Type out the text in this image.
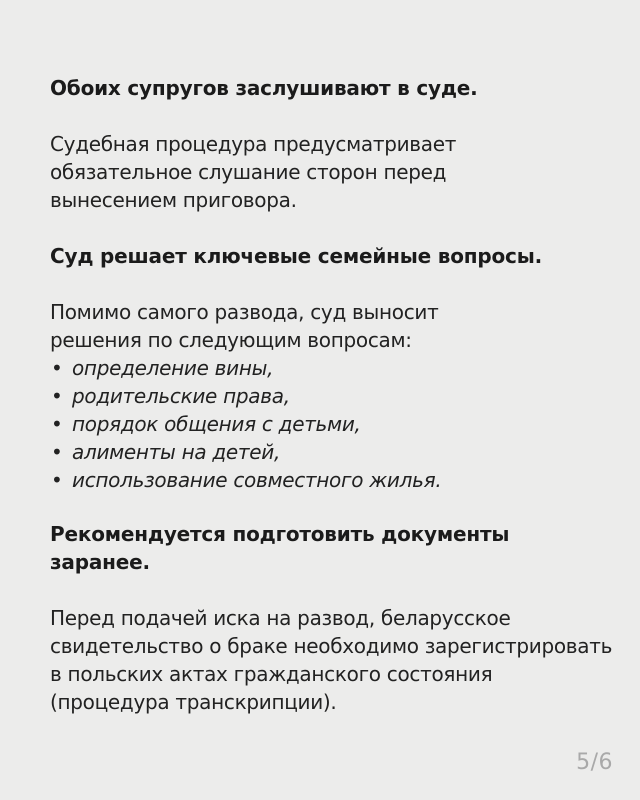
Обоих супругов заслушивают в суде.

Судебная процедура предусматривает обязательное слушание сторон перед вынесением приговора.

Суд решает ключевые семейные вопросы.

Помимо самого развода, суд выносит решения по следующим вопросам:

• определение вины,
• родительские права,
• порядок общения с детьми,
• алименты на детей,
• использование совместного жилья.
Рекомендуется подготовить документы заранее.

Перед подачей иска на развод, беларусское свидетельство о браке необходимо зарегистрировать в польских актах гражданского состояния (процедура транскрипции).

5/6
